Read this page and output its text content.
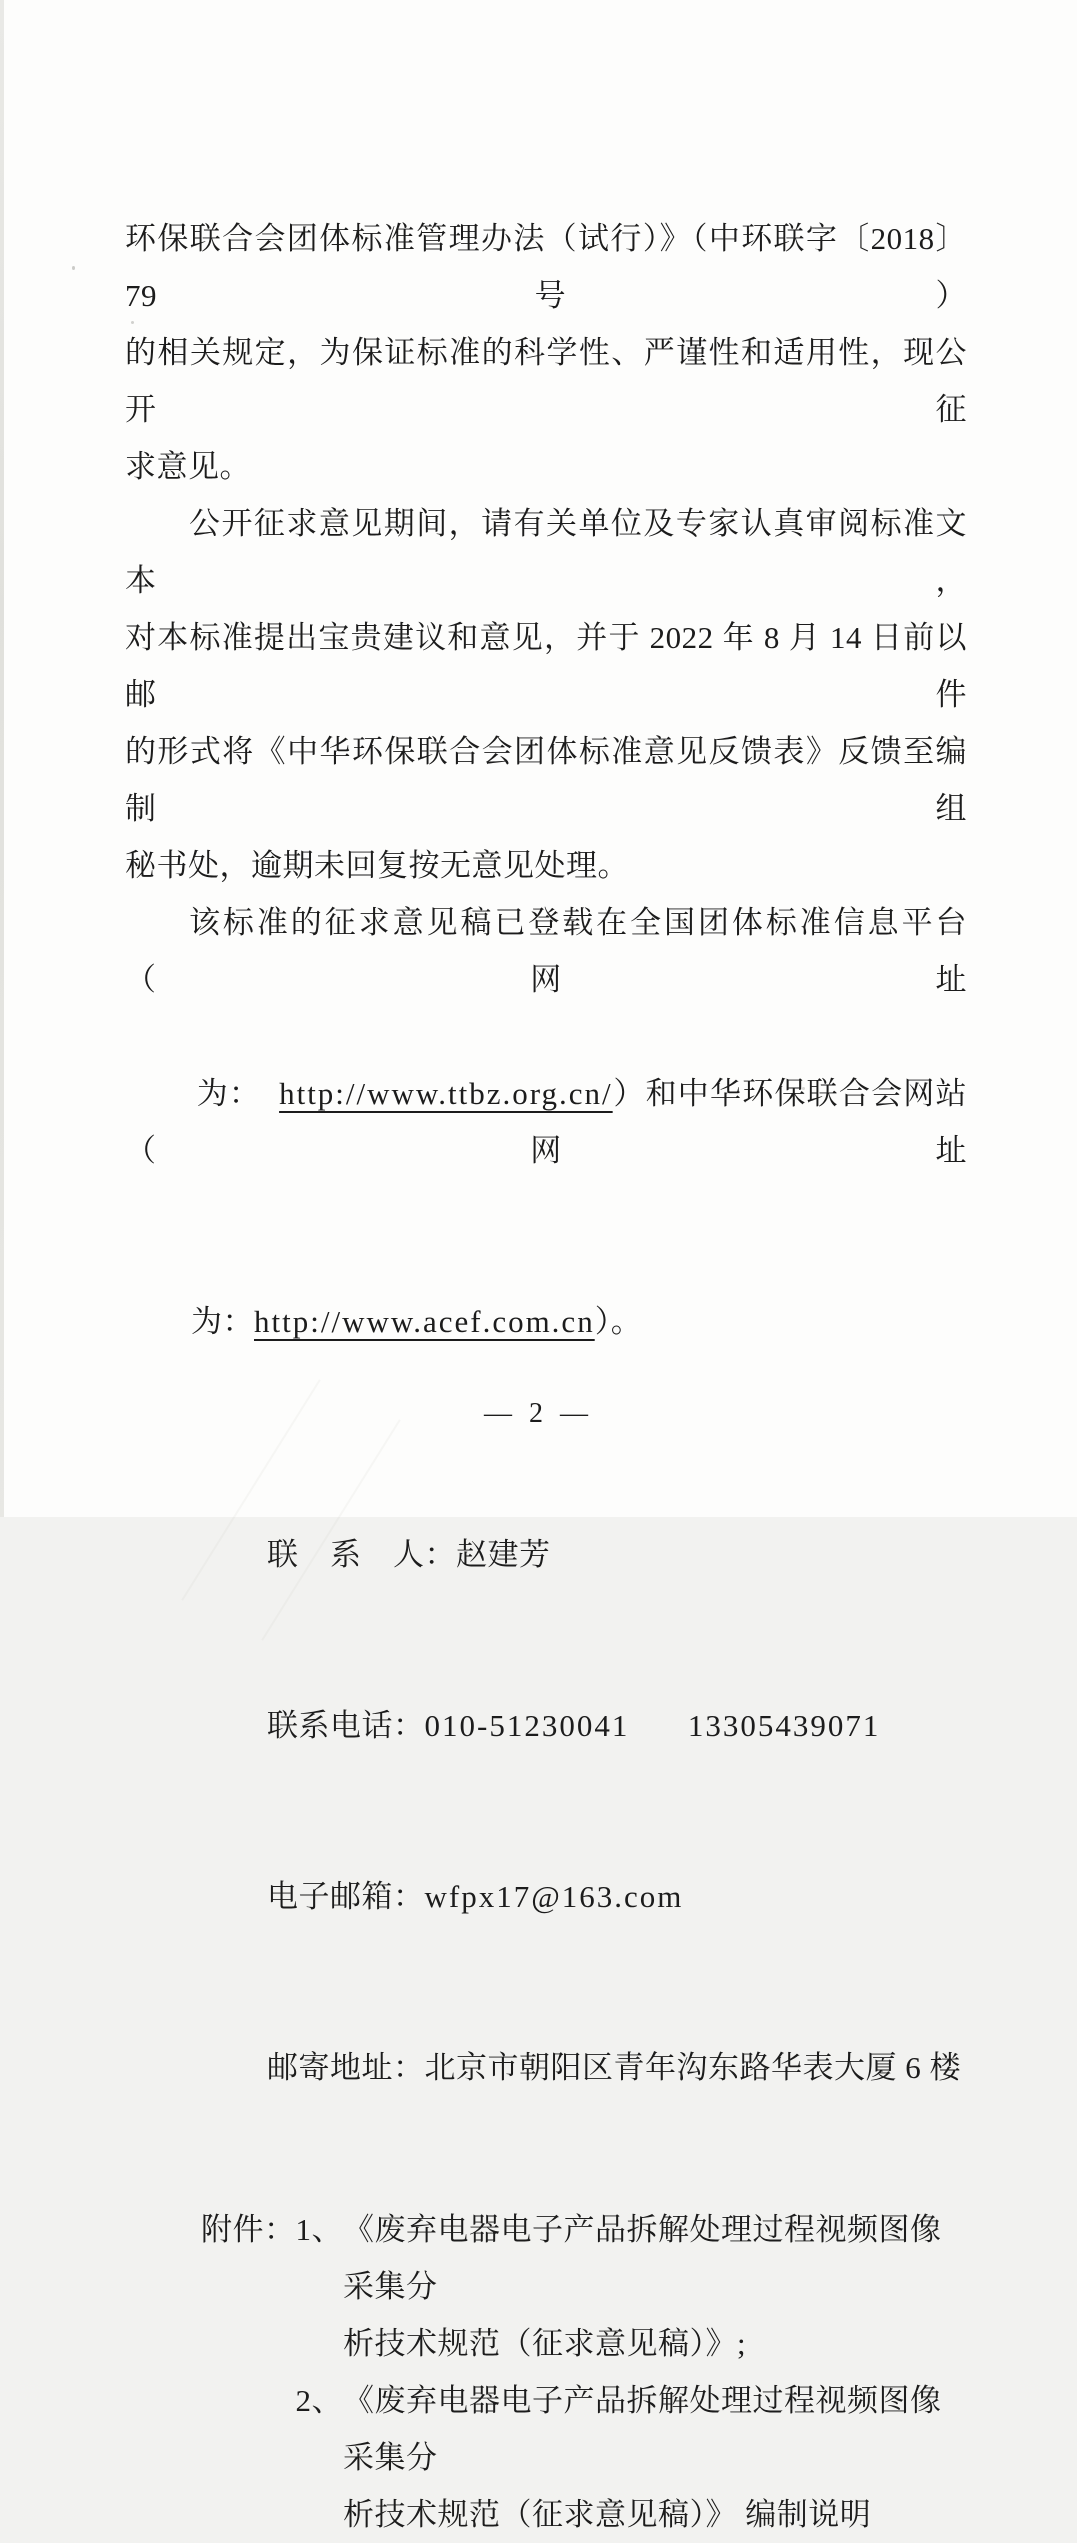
环保联合会团体标准管理办法（试行）》（中环联字〔2018〕79 号）
的相关规定，为保证标准的科学性、严谨性和适用性，现公开征
求意见。
公开征求意见期间，请有关单位及专家认真审阅标准文本，
对本标准提出宝贵建议和意见，并于 2022 年 8 月 14 日前以邮件
的形式将《中华环保联合会团体标准意见反馈表》反馈至编制组
秘书处，逾期未回复按无意见处理。
该标准的征求意见稿已登载在全国团体标准信息平台（网址

为：  http://www.ttbz.org.cn/）和中华环保联合会网站（网址

为：http://www.acef.com.cn）。

联　系　人：赵建芳

联系电话：010-51230041      13305439071

电子邮箱：wfpx17@163.com

邮寄地址：北京市朝阳区青年沟东路华表大厦 6 楼

附件： 1、 《废弃电器电子产品拆解处理过程视频图像采集分
析技术规范（征求意见稿）》;
2、 《废弃电器电子产品拆解处理过程视频图像采集分
析技术规范（征求意见稿）》 编制说明
— 2 —
